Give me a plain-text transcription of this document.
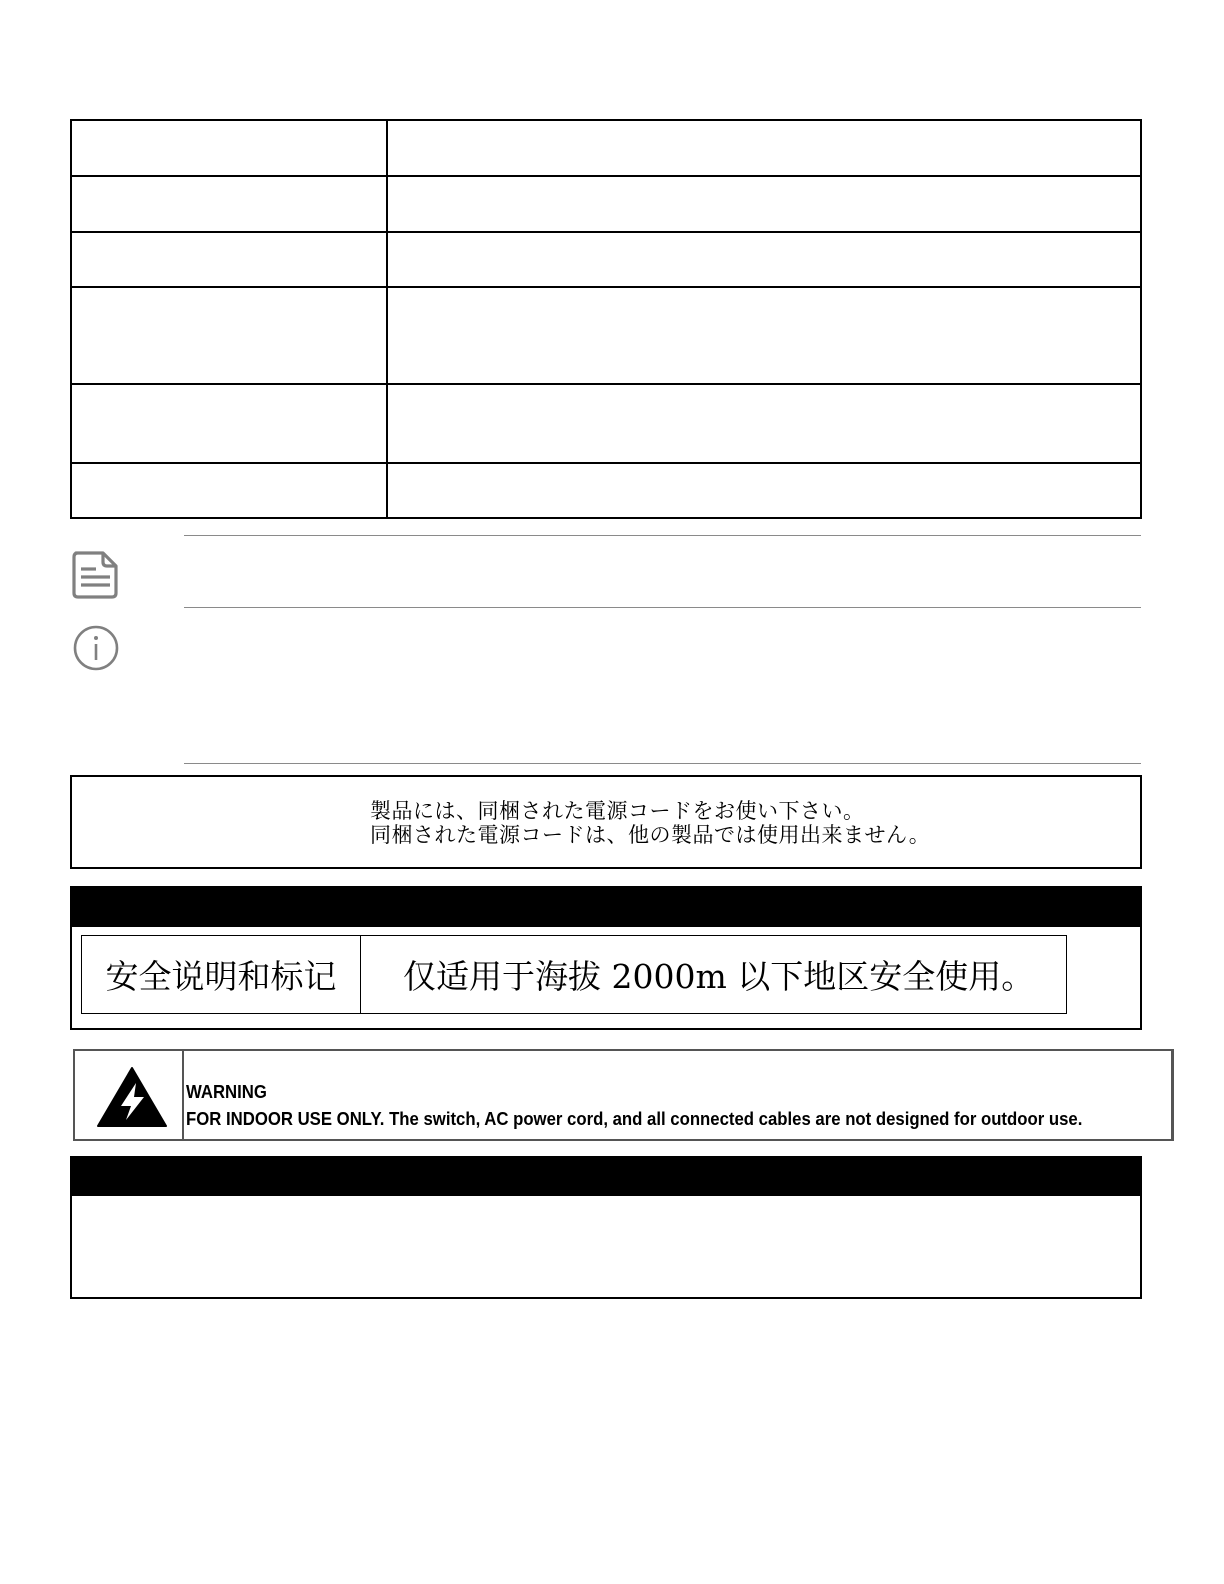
製品には、同梱された電源コードをお使い下さい。
同梱された電源コードは、他の製品では使用出来ません。
安全说明和标记	仅适用于海拔 2000m 以下地区安全使用。
WARNING
FOR INDOOR USE ONLY. The switch, AC power cord, and all connected cables are not designed for outdoor use.
